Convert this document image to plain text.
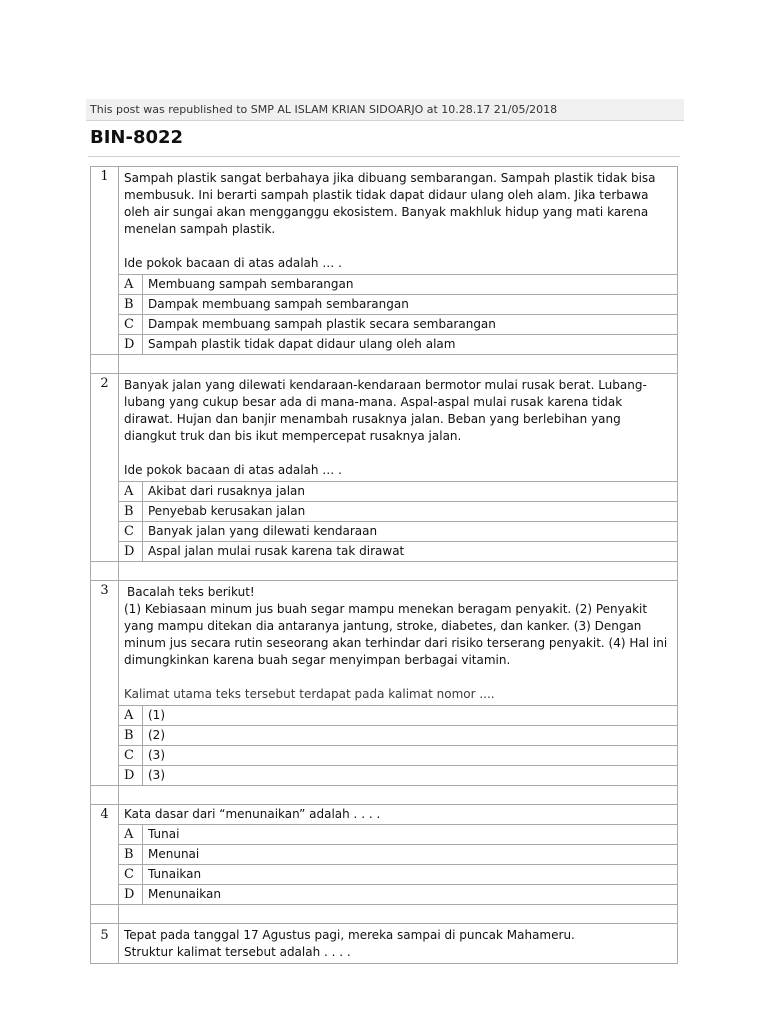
This post was republished to SMP AL ISLAM KRIAN SIDOARJO at 10.28.17 21/05/2018
BIN-8022
1	Sampah plastik sangat berbahaya jika dibuang sembarangan. Sampah plastik tidak bisa membusuk. Ini berarti sampah plastik tidak dapat didaur ulang oleh alam. Jika terbawa oleh air sungai akan mengganggu ekosistem. Banyak makhluk hidup yang mati karena menelan sampah plastik.

Ide pokok bacaan di atas adalah … .	

	A	Membuang sampah sembarangan
	B	Dampak membuang sampah sembarangan
	C	Dampak membuang sampah plastik secara sembarangan
	D	Sampah plastik tidak dapat didaur ulang oleh alam

2	Banyak jalan yang dilewati kendaraan-kendaraan bermotor mulai rusak berat. Lubang-lubang yang cukup besar ada di mana-mana. Aspal-aspal mulai rusak karena tidak dirawat. Hujan dan banjir menambah rusaknya jalan. Beban yang berlebihan yang diangkut truk dan bis ikut mempercepat rusaknya jalan.

Ide pokok bacaan di atas adalah … .	

	A	Akibat dari rusaknya jalan
	B	Penyebab kerusakan jalan
	C	Banyak jalan yang dilewati kendaraan
	D	Aspal jalan mulai rusak karena tak dirawat

3	Bacalah teks berikut!

(1) Kebiasaan minum jus buah segar mampu menekan beragam penyakit. (2) Penyakit yang mampu ditekan dia antaranya jantung, stroke, diabetes, dan kanker. (3) Dengan minum jus secara rutin seseorang akan terhindar dari risiko terserang penyakit. (4) Hal ini dimungkinkan karena buah segar menyimpan berbagai vitamin.

Kalimat utama teks tersebut terdapat pada kalimat nomor ....	

	A	(1)
	B	(2)
	C	(3)
	D	(3)

4	Kata dasar dari “menunaikan” adalah . . . .	

	A	Tunai
	B	Menunai
	C	Tunaikan
	D	Menunaikan

5	Tepat pada tanggal 17 Agustus pagi, mereka sampai di puncak Mahameru.

Struktur kalimat tersebut adalah . . . .	
